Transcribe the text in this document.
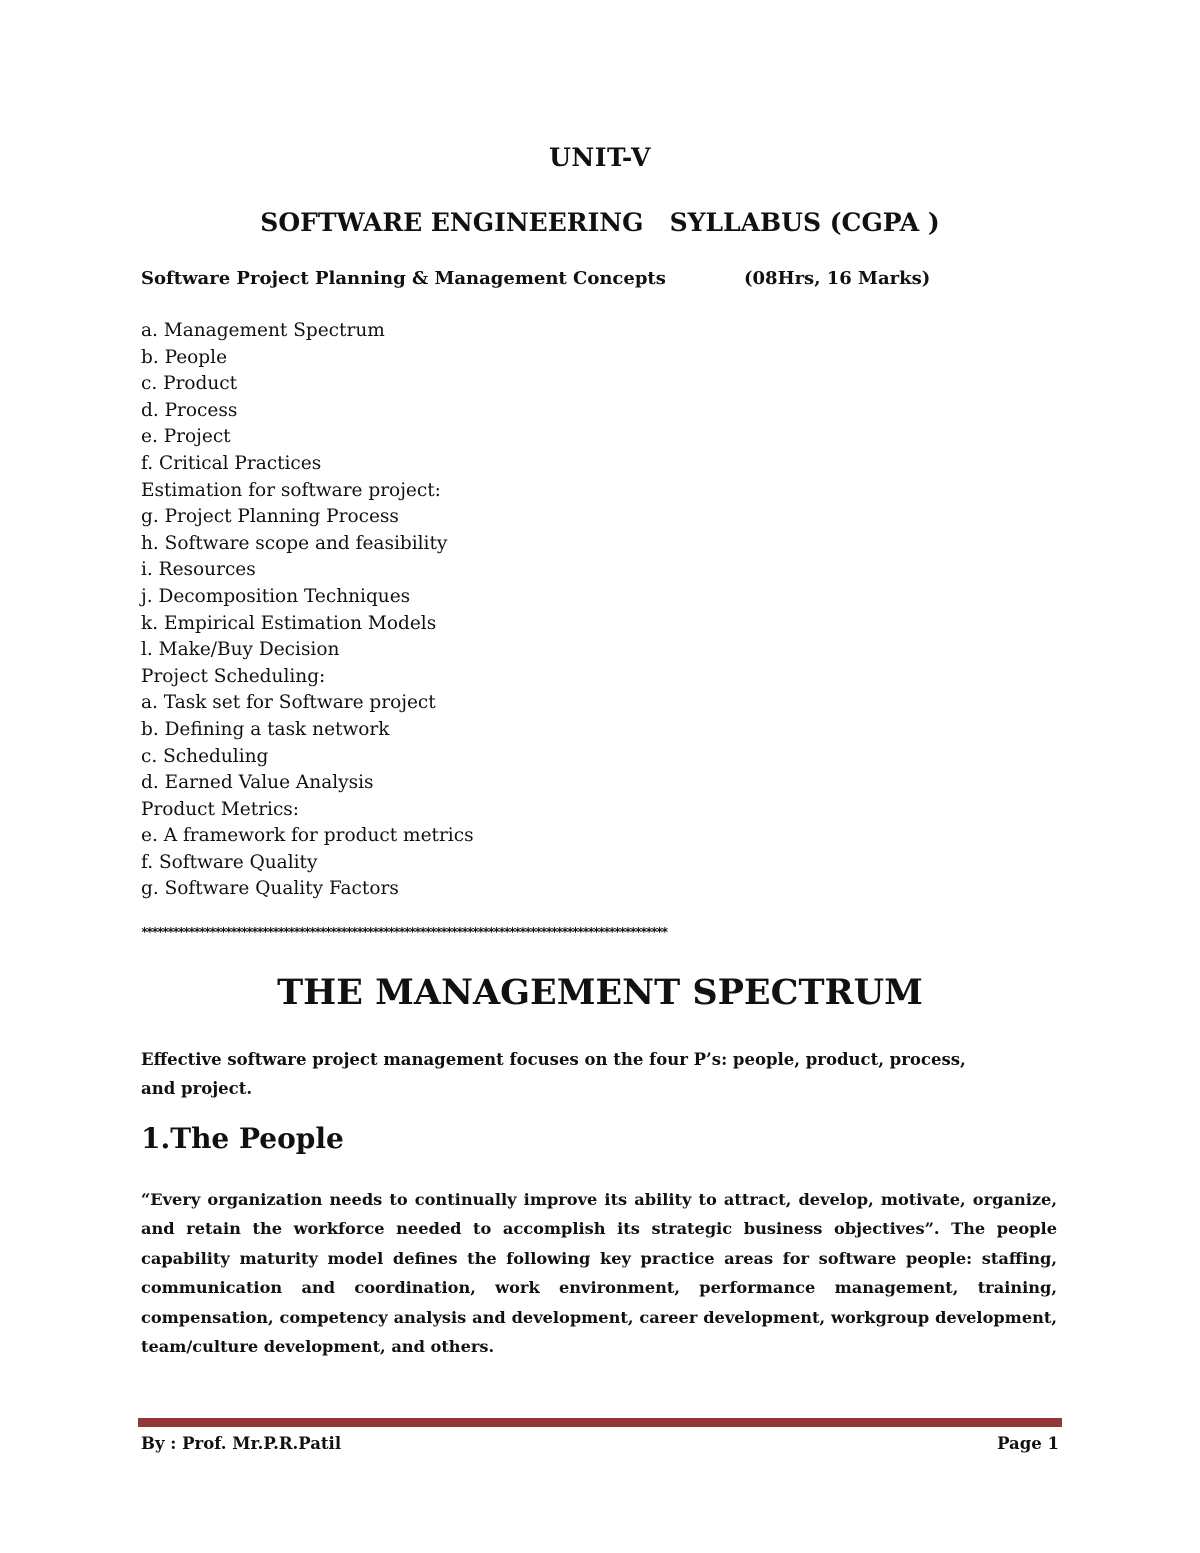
UNIT-V
SOFTWARE ENGINEERING   SYLLABUS (CGPA )
Software Project Planning & Management Concepts	(08Hrs, 16 Marks)
a. Management Spectrum
b. People
c. Product
d. Process
e. Project
f. Critical Practices
Estimation for software project:
g. Project Planning Process
h. Software scope and feasibility
i. Resources
j. Decomposition Techniques
k. Empirical Estimation Models
l. Make/Buy Decision
Project Scheduling:
a. Task set for Software project
b. Defining a task network
c. Scheduling
d. Earned Value Analysis
Product Metrics:
e. A framework for product metrics
f. Software Quality
g. Software Quality Factors
****************************************************************************************************
THE MANAGEMENT SPECTRUM

Effective software project management focuses on the four P’s: people, product, process, and project.

1.The People

“Every organization needs to continually improve its ability to attract, develop, motivate, organize, and retain the workforce needed to accomplish its strategic business objectives”. The people capability maturity model defines the following key practice areas for software people: staffing, communication and coordination, work environment, performance management, training, compensation, competency analysis and development, career development, workgroup development, team/culture development, and others.

By : Prof. Mr.P.R.Patil	Page 1
